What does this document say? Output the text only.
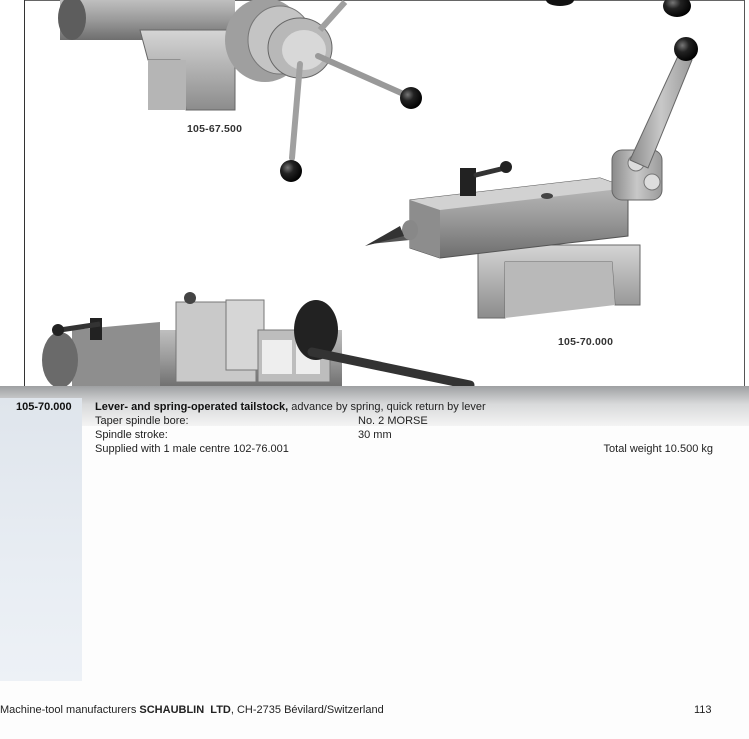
105-67.500
105-70.000
105-70.000 Lever- and spring-operated tailstock, advance by spring, quick return by lever
Taper spindle bore:	No. 2 MORSE
Spindle stroke:	30 mm
Supplied with 1 male centre 102-76.001	Total weight 10.500 kg
Machine-tool manufacturers SCHAUBLIN  LTD, CH-2735 Bévilard/Switzerland	113
